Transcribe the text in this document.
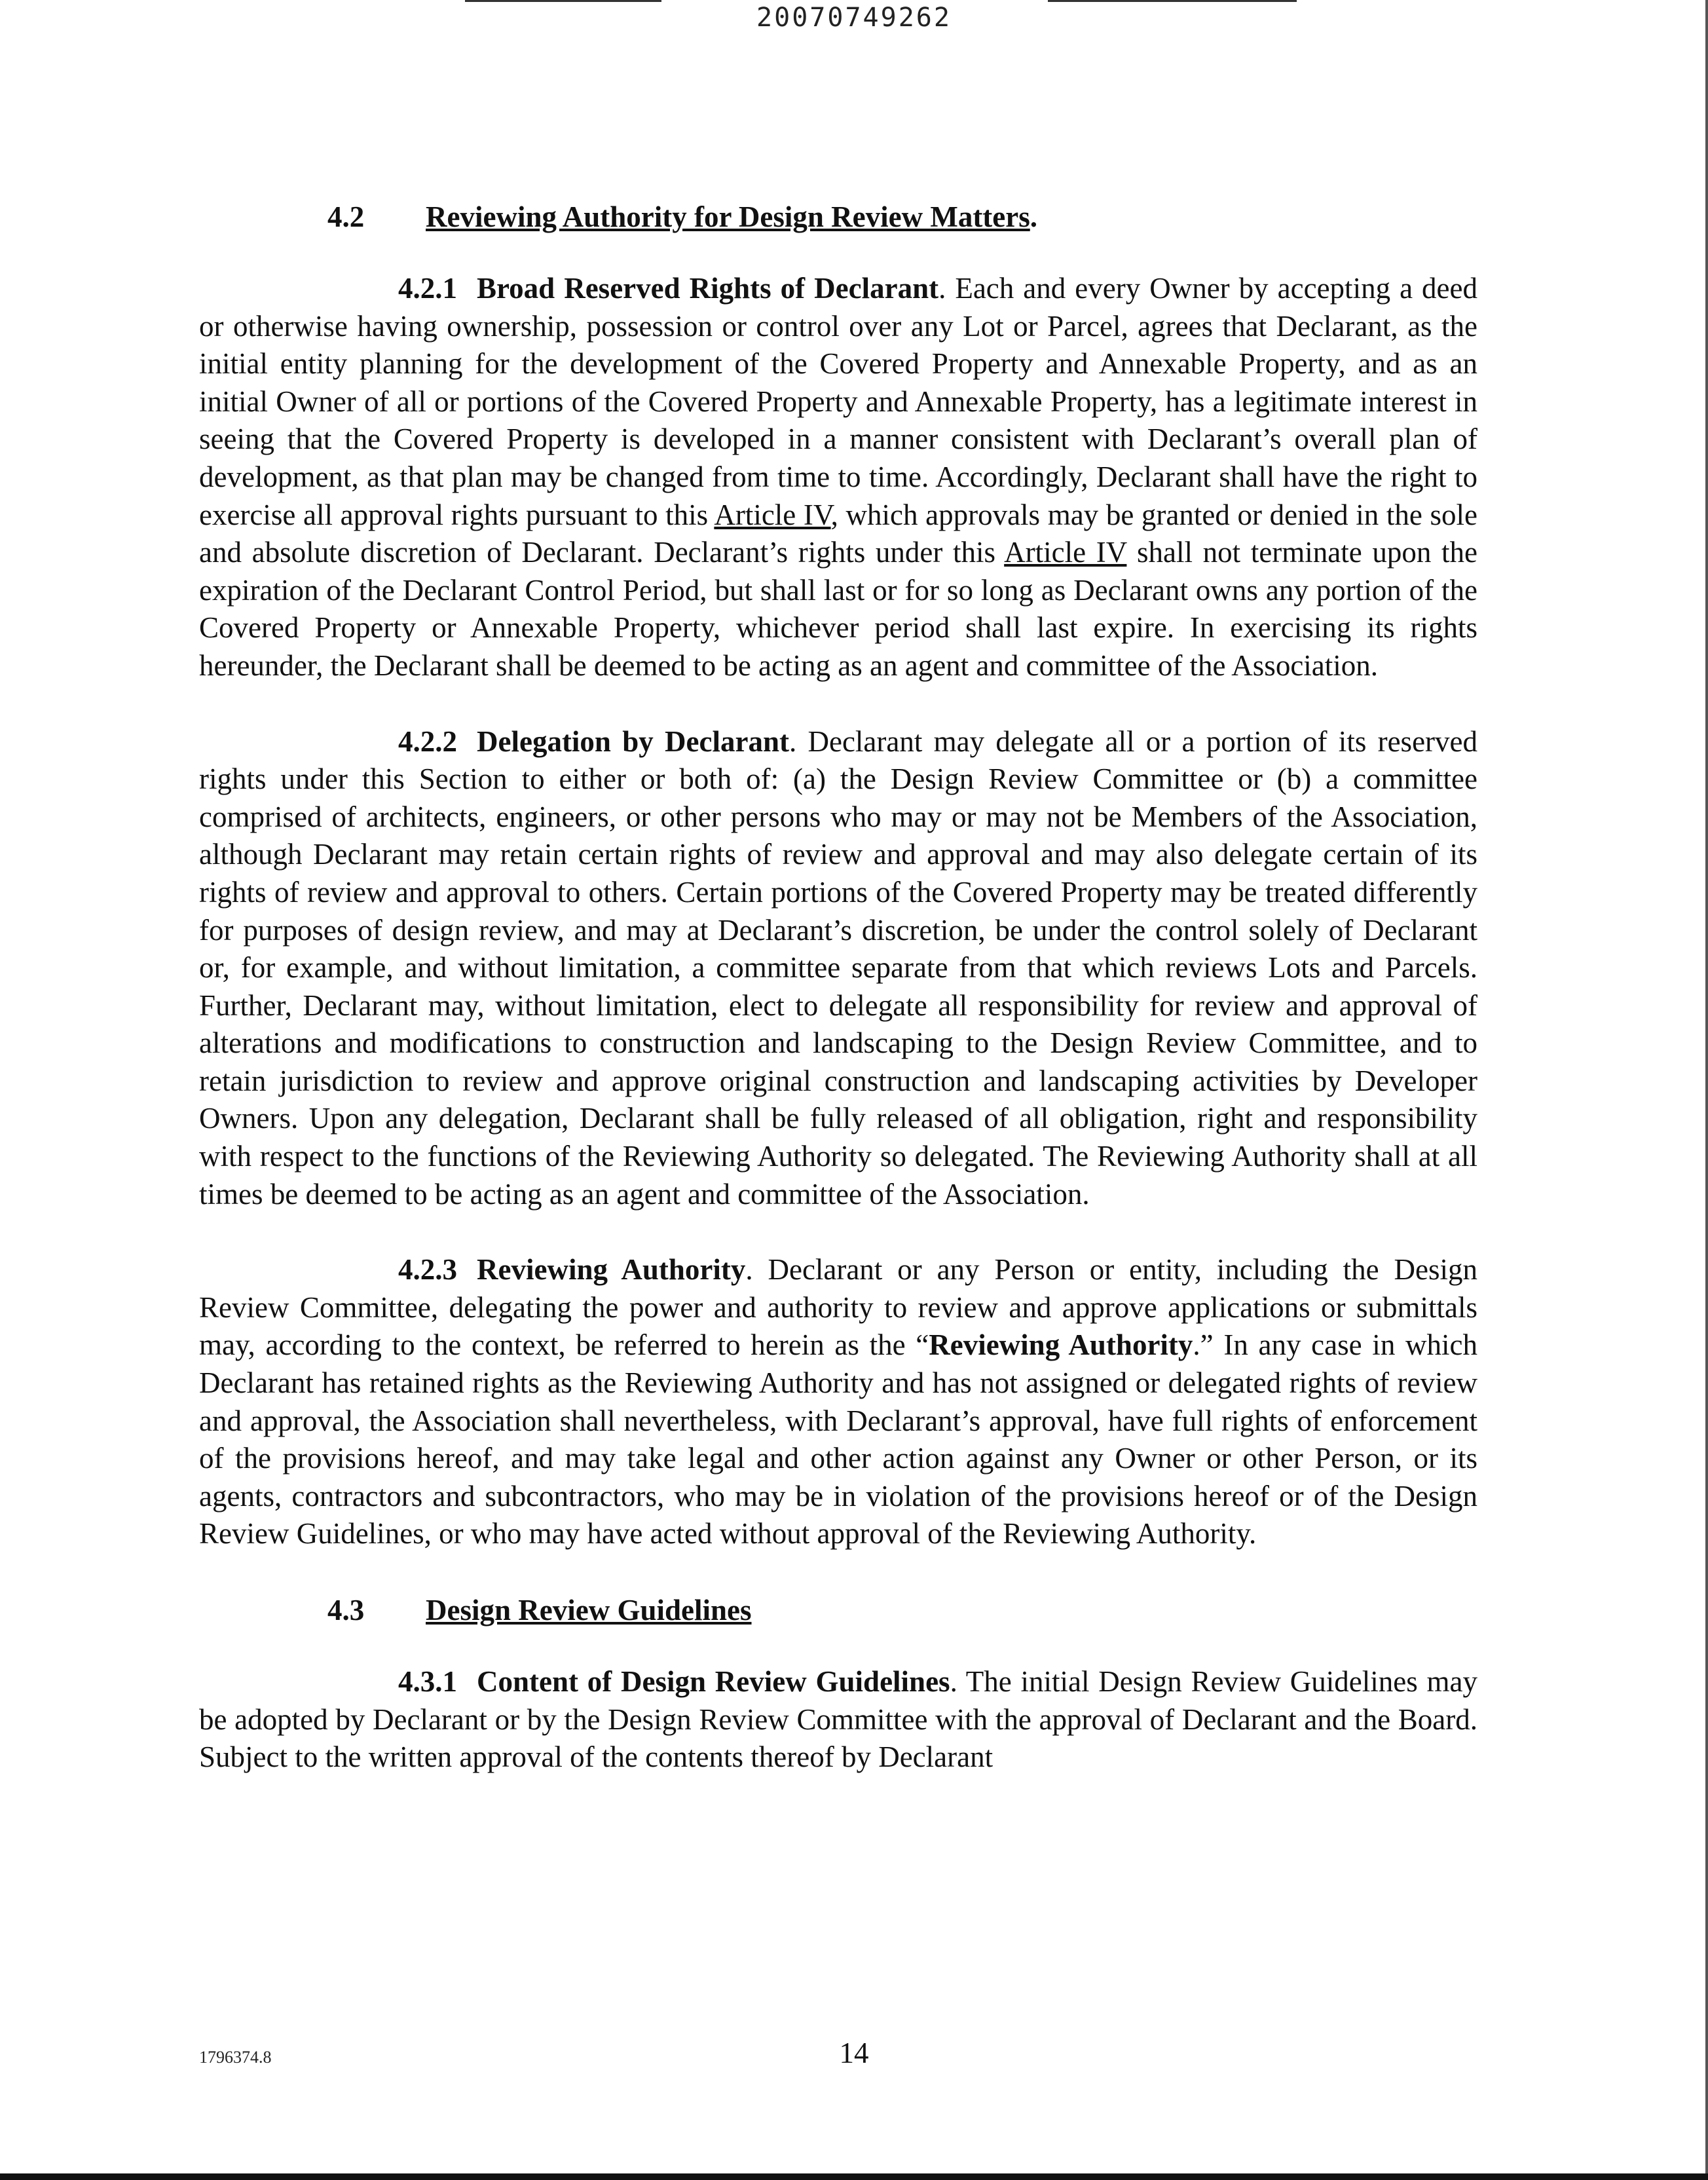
20070749262

4.2 Reviewing Authority for Design Review Matters.

4.2.1 Broad Reserved Rights of Declarant. Each and every Owner by accepting a deed or otherwise having ownership, possession or control over any Lot or Parcel, agrees that Declarant, as the initial entity planning for the development of the Covered Property and Annexable Property, and as an initial Owner of all or portions of the Covered Property and Annexable Property, has a legitimate interest in seeing that the Covered Property is developed in a manner consistent with Declarant’s overall plan of development, as that plan may be changed from time to time. Accordingly, Declarant shall have the right to exercise all approval rights pursuant to this Article IV, which approvals may be granted or denied in the sole and absolute discretion of Declarant. Declarant’s rights under this Article IV shall not terminate upon the expiration of the Declarant Control Period, but shall last or for so long as Declarant owns any portion of the Covered Property or Annexable Property, whichever period shall last expire. In exercising its rights hereunder, the Declarant shall be deemed to be acting as an agent and committee of the Association.

4.2.2 Delegation by Declarant. Declarant may delegate all or a portion of its reserved rights under this Section to either or both of: (a) the Design Review Committee or (b) a committee comprised of architects, engineers, or other persons who may or may not be Members of the Association, although Declarant may retain certain rights of review and approval and may also delegate certain of its rights of review and approval to others. Certain portions of the Covered Property may be treated differently for purposes of design review, and may at Declarant’s discretion, be under the control solely of Declarant or, for example, and without limitation, a committee separate from that which reviews Lots and Parcels. Further, Declarant may, without limitation, elect to delegate all responsibility for review and approval of alterations and modifications to construction and landscaping to the Design Review Committee, and to retain jurisdiction to review and approve original construction and landscaping activities by Developer Owners. Upon any delegation, Declarant shall be fully released of all obligation, right and responsibility with respect to the functions of the Reviewing Authority so delegated. The Reviewing Authority shall at all times be deemed to be acting as an agent and committee of the Association.

4.2.3 Reviewing Authority. Declarant or any Person or entity, including the Design Review Committee, delegating the power and authority to review and approve applications or submittals may, according to the context, be referred to herein as the “Reviewing Authority.” In any case in which Declarant has retained rights as the Reviewing Authority and has not assigned or delegated rights of review and approval, the Association shall nevertheless, with Declarant’s approval, have full rights of enforcement of the provisions hereof, and may take legal and other action against any Owner or other Person, or its agents, contractors and subcontractors, who may be in violation of the provisions hereof or of the Design Review Guidelines, or who may have acted without approval of the Reviewing Authority.

4.3 Design Review Guidelines

4.3.1 Content of Design Review Guidelines. The initial Design Review Guidelines may be adopted by Declarant or by the Design Review Committee with the approval of Declarant and the Board. Subject to the written approval of the contents thereof by Declarant

1796374.8	14
